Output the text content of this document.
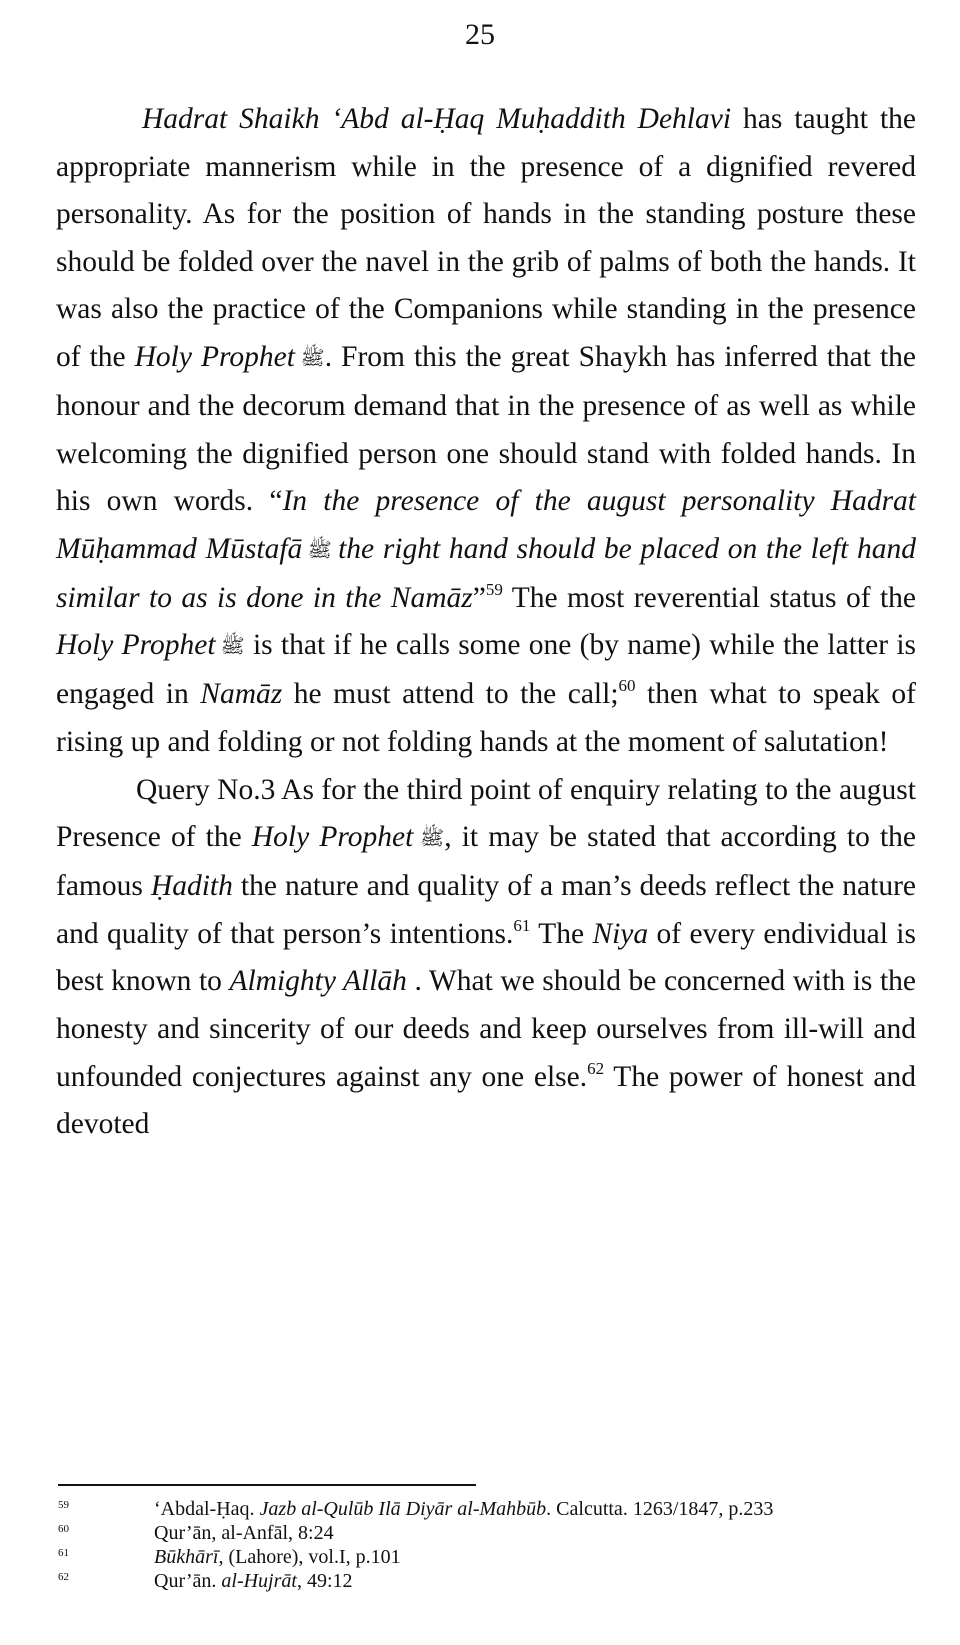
25

Hadrat Shaikh ‘Abd al-Ḥaq Muḥaddith Dehlavi has taught the appropriate mannerism while in the presence of a dignified revered personality. As for the position of hands in the standing posture these should be folded over the navel in the grib of palms of both the hands. It was also the practice of the Companions while standing in the presence of the Holy Prophet ﷺ. From this the great Shaykh has inferred that the honour and the decorum demand that in the presence of as well as while welcoming the dignified person one should stand with folded hands. In his own words. “In the presence of the august personality Hadrat Mūḥammad Mūstafā ﷺ the right hand should be placed on the left hand similar to as is done in the Namāz”$^{59}$ The most reverential status of the Holy Prophet ﷺ is that if he calls some one (by name) while the latter is engaged in Namāz he must attend to the call;$^{60}$ then what to speak of rising up and folding or not folding hands at the moment of salutation!

Query No.3 As for the third point of enquiry relating to the august Presence of the Holy Prophet ﷺ, it may be stated that according to the famous Ḥadith the nature and quality of a man’s deeds reflect the nature and quality of that person’s intentions.$^{61}$ The Niya of every endividual is best known to Almighty Allāh . What we should be concerned with is the honesty and sincerity of our deeds and keep ourselves from ill-will and unfounded conjectures against any one else.$^{62}$ The power of honest and devoted

59	‘Abdal-Ḥaq. Jazb al-Qulūb Ilā Diyār al-Mahbūb. Calcutta. 1263/1847, p.233
60	Qur’ān, al-Anfāl, 8:24
61	Būkhārī, (Lahore), vol.I, p.101
62	Qur’ān. al-Hujrāt, 49:12
